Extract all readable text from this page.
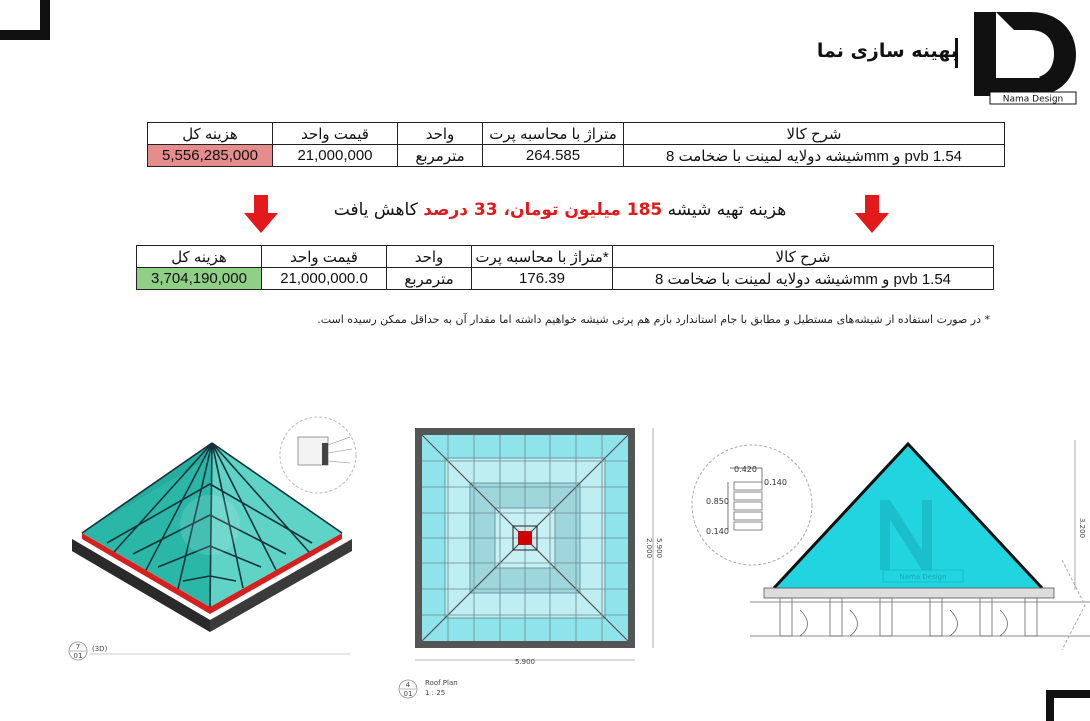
Nama Design
بهینه سازی نما
هزینه کل	قیمت واحد	واحد	متراژ با محاسبه پرت	شرح کالا
5,556,285,000	21,000,000	مترمربع	264.585	شیشه دولایه لمینت با ضخامت 8mm و pvb 1.54
هزینه تهیه شیشه 185 میلیون تومان، 33 درصد کاهش یافت
هزینه کل	قیمت واحد	واحد	متراژ با محاسبه پرت*	شرح کالا
3,704,190,000	21,000,000.0	مترمربع	176.39	شیشه دولایه لمینت با ضخامت 8mm و pvb 1.54
* در صورت استفاده از شیشه‌های مستطیل و مطابق با جام استاندارد بازم هم پرتی شیشه خواهیم داشته اما مقدار آن به حداقل ممکن رسیده است.
7
01
(3D)
5.900
5.900
2.000
4
01
Roof Plan
1 : 25
0.420
0.140
0.850
0.140
Nama Design
3.200
